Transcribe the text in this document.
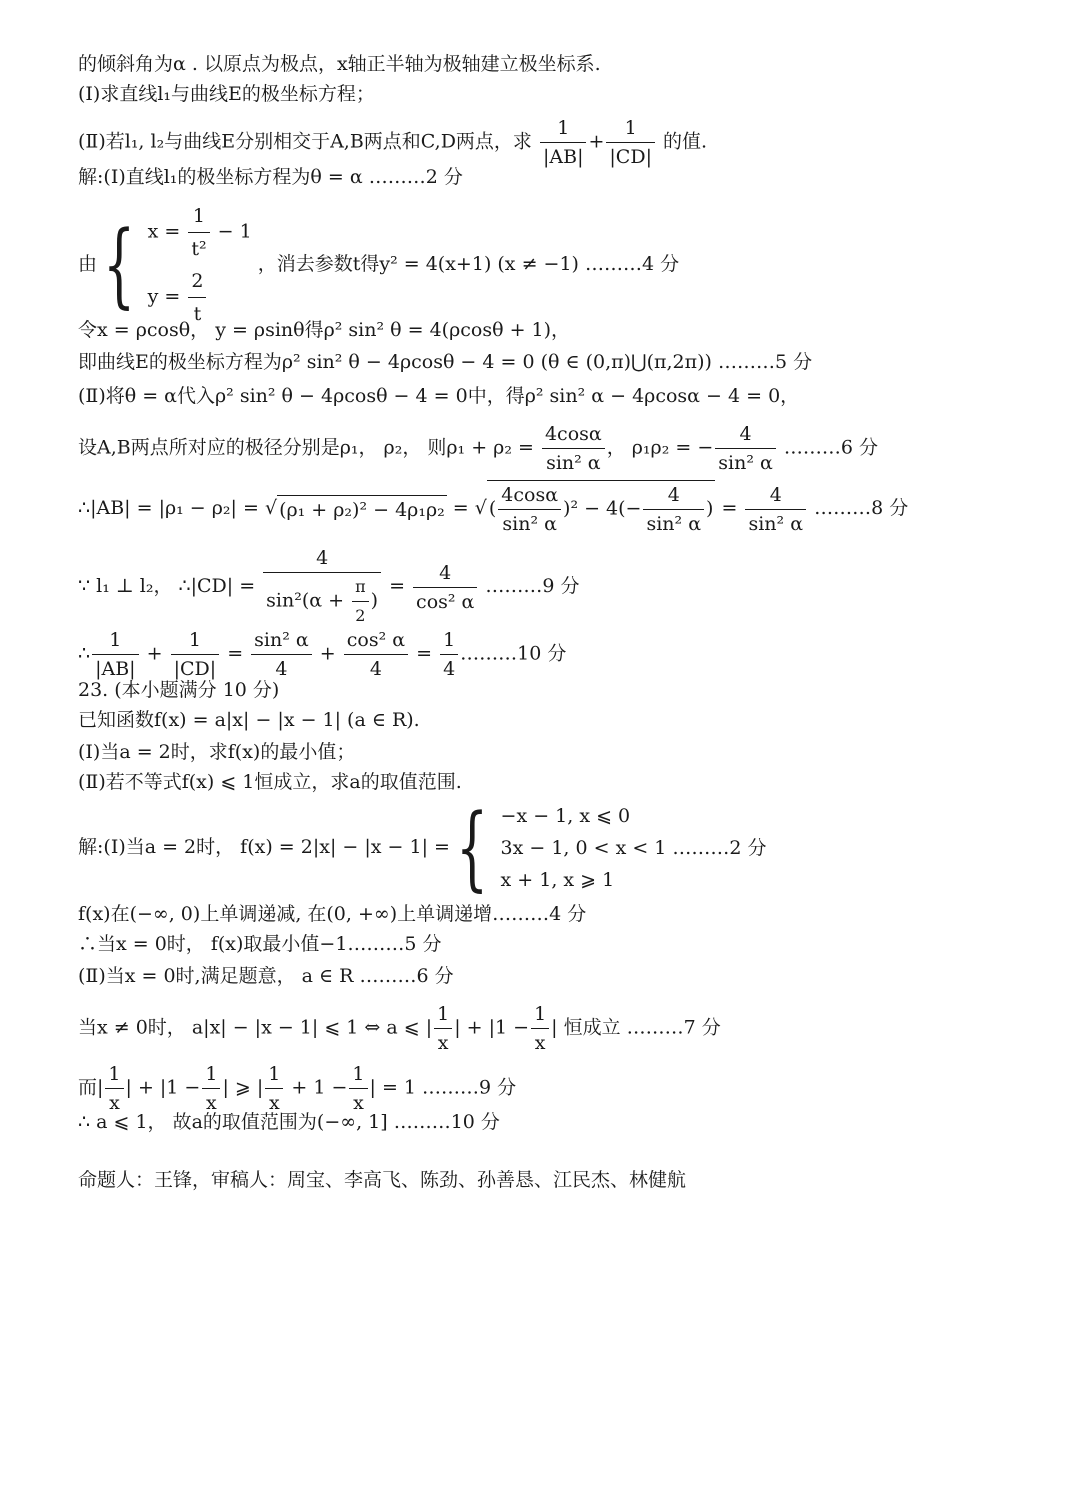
的倾斜角为α . 以原点为极点，x轴正半轴为极轴建立极坐标系.
(Ⅰ)求直线l₁与曲线E的极坐标方程；
(Ⅱ)若l₁, l₂与曲线E分别相交于A,B两点和C,D两点，求 $\frac{1}{|AB|} + \frac{1}{|CD|}$ 的值.
解:(Ⅰ)直线l₁的极坐标方程为θ = α ………2 分
由 { $x = \frac{1}{\text{t²}} - 1$
$y = \frac{2}{t}$
，消去参数t得y² = 4(x+1) (x ≠ −1) ………4 分
令x = ρcosθ， y = ρsinθ得ρ² sin² θ = 4(ρcosθ + 1)，
即曲线E的极坐标方程为ρ² sin² θ − 4ρcosθ − 4 = 0 (θ ∈ (0,π)⋃(π,2π)) ………5 分
(Ⅱ)将θ = α代入ρ² sin² θ − 4ρcosθ − 4 = 0中，得ρ² sin² α − 4ρcosα − 4 = 0，
设A,B两点所对应的极径分别是ρ₁， ρ₂， 则$\rho_1 + \rho_2 = \frac{4\cos\alpha}{\text{sin² α}}$ ， ρ₁ρ₂ = − $\frac{4}{\text{sin² α}}$ ………6 分
∴|AB| = |ρ₁ − ρ₂| = √ (ρ₁ + ρ₂)² − 4ρ₁ρ₂ = √ ( $\frac{4\cos\alpha}{\text{sin² α}} )^2 - 4(- \frac{4}{\text{sin² α}}$ ) = $\frac{4}{\text{sin² α}}$ ………8 分
∵ l₁ ⊥ l₂， ∴|CD| = $\frac{4}{\sin^2(\alpha + \frac{\pi}{2} )} = \frac{4}{\text{cos² α}}$ ………9 分
∴ $\frac{1}{|AB|} + \frac{1}{|CD|} = \frac{\text{sin² α}}{4} + \frac{\text{cos² α}}{4} = \frac{1}{4}$ ………10 分
23. (本小题满分 10 分)
已知函数f(x) = a|x| − |x − 1| (a ∈ R).
(Ⅰ)当a = 2时，求f(x)的最小值；
(Ⅱ)若不等式f(x) ⩽ 1恒成立，求a的取值范围.
解:(Ⅰ)当a = 2时， f(x) = 2|x| − |x − 1| = { −x − 1, x ⩽ 0
3x − 1, 0 < x < 1 ………2 分
x + 1, x ⩾ 1
f(x)在(−∞, 0)上单调递减, 在(0, +∞)上单调递增………4 分
∴当x = 0时， f(x)取最小值−1………5 分
(Ⅱ)当x = 0时,满足题意， a ∈ R ………6 分
当x ≠ 0时， a|x| − |x − 1| ⩽ 1 ⇔ a ⩽ | $\frac{1}{x}$ | + $|1 - \frac{1}{x}$ | 恒成立 ………7 分
而| $\frac{1}{x}$ | + $|1 - \frac{1}{x}$ | ⩾ | $\frac{1}{x} + 1 - \frac{1}{x}$ | = 1 ………9 分
∴ a ⩽ 1， 故a的取值范围为(−∞, 1] ………10 分
命题人：王锋，审稿人：周宝、李高飞、陈劲、孙善恳、江民杰、林健航
